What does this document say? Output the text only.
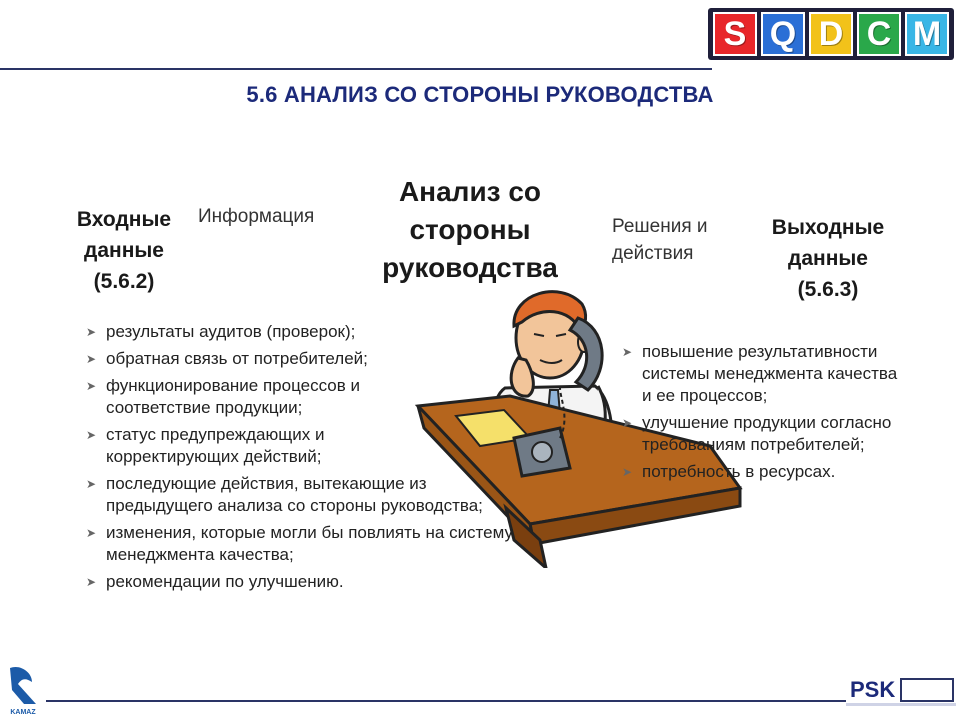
S Q D C M
5.6 АНАЛИЗ СО СТОРОНЫ РУКОВОДСТВА
Анализ со
стороны
руководства
Входные
данные
(5.6.2)
Информация	Решения и
действия
Выходные
данные
(5.6.3)
➤ результаты аудитов (проверок);
➤ обратная связь от потребителей;
➤ функционирование процессов и соответствие продукции;
➤ статус предупреждающих и корректирующих действий;
➤ последующие действия, вытекающие из предыдущего анализа со стороны руководства;
➤ изменения, которые могли бы повлиять на систему менеджмента качества;
➤ рекомендации по улучшению.
➤ повышение результативности системы менеджмента качества и ее процессов;
➤ улучшение продукции согласно требованиям потребителей;
➤ потребность в ресурсах.
KAMAZ
PSK
